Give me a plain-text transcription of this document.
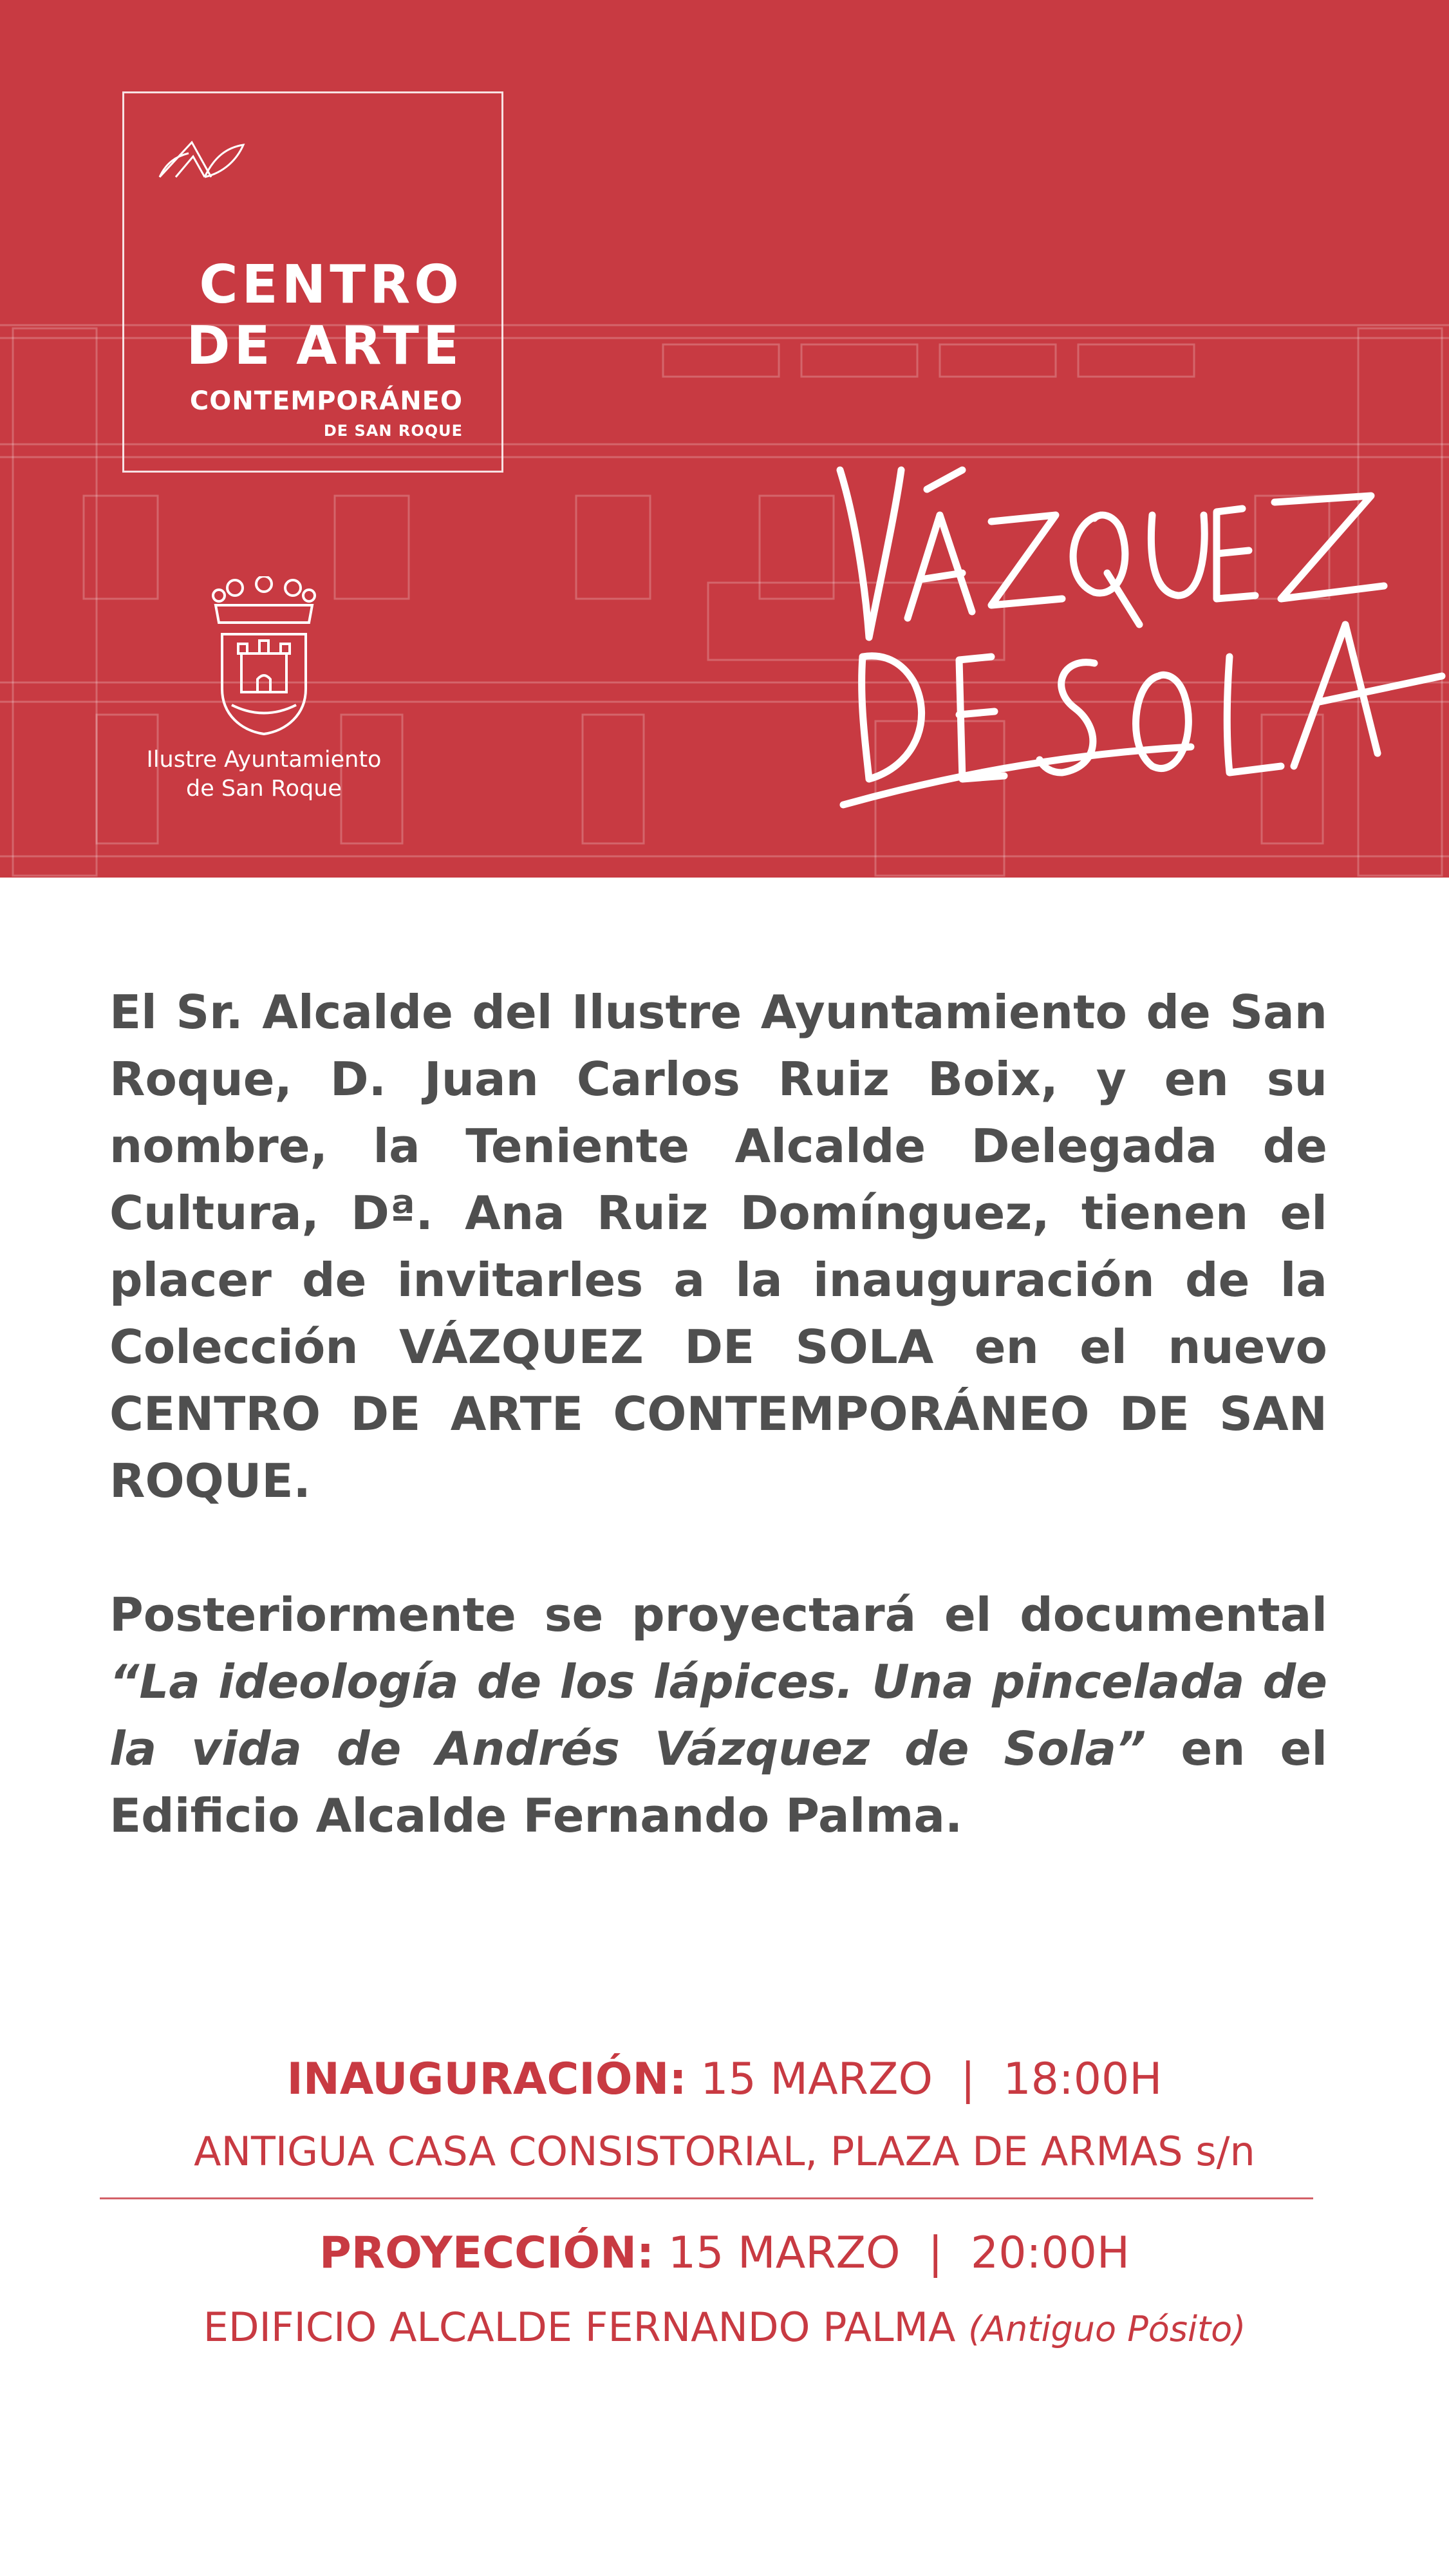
CENTRO
DE ARTE
CONTEMPORÁNEO
DE SAN ROQUE
Ilustre Ayuntamiento
de San Roque

El Sr. Alcalde del Ilustre Ayuntamiento de San Roque, D. Juan Carlos Ruiz Boix, y en su nombre, la Teniente Alcalde Delegada de Cultura, Dª. Ana Ruiz Domínguez, tienen el placer de invitarles a la inauguración de la Colección VÁZQUEZ DE SOLA en el nuevo CENTRO DE ARTE CONTEMPORÁNEO DE SAN ROQUE.

Posteriormente se proyectará el documental “La ideología de los lápices. Una pincelada de la vida de Andrés Vázquez de Sola” en el Edificio Alcalde Fernando Palma.

INAUGURACIÓN: 15 MARZO  |  18:00H
ANTIGUA CASA CONSISTORIAL, PLAZA DE ARMAS s/n
PROYECCIÓN: 15 MARZO  |  20:00H
EDIFICIO ALCALDE FERNANDO PALMA (Antiguo Pósito)
